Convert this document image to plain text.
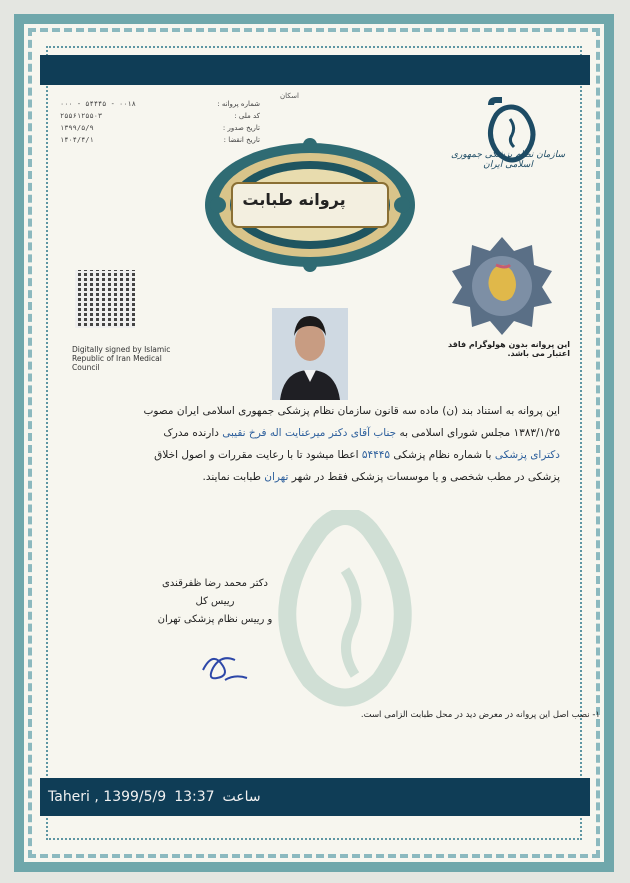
اسکان
شماره پروانه :
۰۰۰ - ۵۴۴۴۵ - ۰۰۱۸
کد ملی :
۲۵۵۶۱۲۵۵۰۳
تاریخ صدور :
۱۳۹۹/۵/۹
تاریخ انقضا :
۱۴۰۴/۴/۱
سازمان نظام پزشکی جمهوری اسلامی ایران
پروانه طبابت
Digitally signed by Islamic Republic of Iran Medical Council
این پروانه بدون هولوگرام فاقد اعتبار می باشد.
این پروانه به استناد بند (ن) ماده سه قانون سازمان نظام پزشکی جمهوری اسلامی ایران مصوب
۱۳۸۳/۱/۲۵ مجلس شورای اسلامی به جناب آقای دکتر میرعنایت اله فرخ نقیبی دارنده مدرک
دکترای پزشکی با شماره نظام پزشکی ۵۴۴۴۵ اعطا میشود تا با رعایت مقررات و اصول اخلاق
پزشکی در مطب شخصی و یا موسسات پزشکی فقط در شهر تهران طبابت نمایند.
دکتر محمد رضا ظفرقندی
رییس کل
و رییس نظام پزشکی تهران
۱- نصب اصل این پروانه در معرض دید در محل طبابت الزامی است.
Taheri , 1399/5/9 13:37 ساعت
